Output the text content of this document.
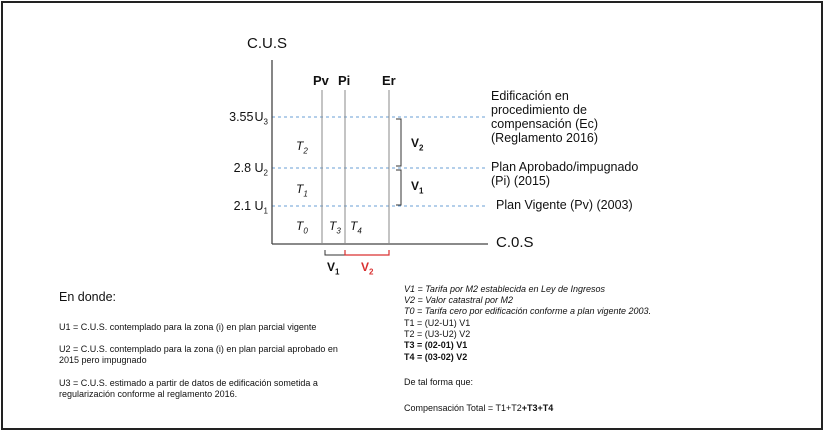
C.U.S
C.0.S
Pv Pi Er
3.55 $U_3$
2.8 $U_2$
2.1 $U_1$
$T_2$
$T_1$
$T_0$ $T_3$ $T_4$
$V_2$
$V_1$
$V_1$ $V_2$
Edificación en
procedimiento de
compensación (Ec)
(Reglamento 2016)
Plan Aprobado/impugnado
(Pi) (2015)
Plan Vigente (Pv) (2003)
En donde:
U1 = C.U.S. contemplado para la zona (i) en plan parcial vigente
U2 = C.U.S. contemplado para la zona (i) en plan parcial aprobado en
2015 pero impugnado
U3 = C.U.S. estimado a partir de datos de edificación sometida a
regularización conforme al reglamento 2016.
V1 = Tarifa por M2 establecida en Ley de Ingresos
V2 = Valor catastral por M2
T0 = Tarifa cero por edificación conforme a plan vigente 2003.
T1 = (U2-U1) V1
T2 = (U3-U2) V2
T3 = (02-01) V1
T4 = (03-02) V2
De tal forma que:
Compensación Total = T1+T2+T3+T4
